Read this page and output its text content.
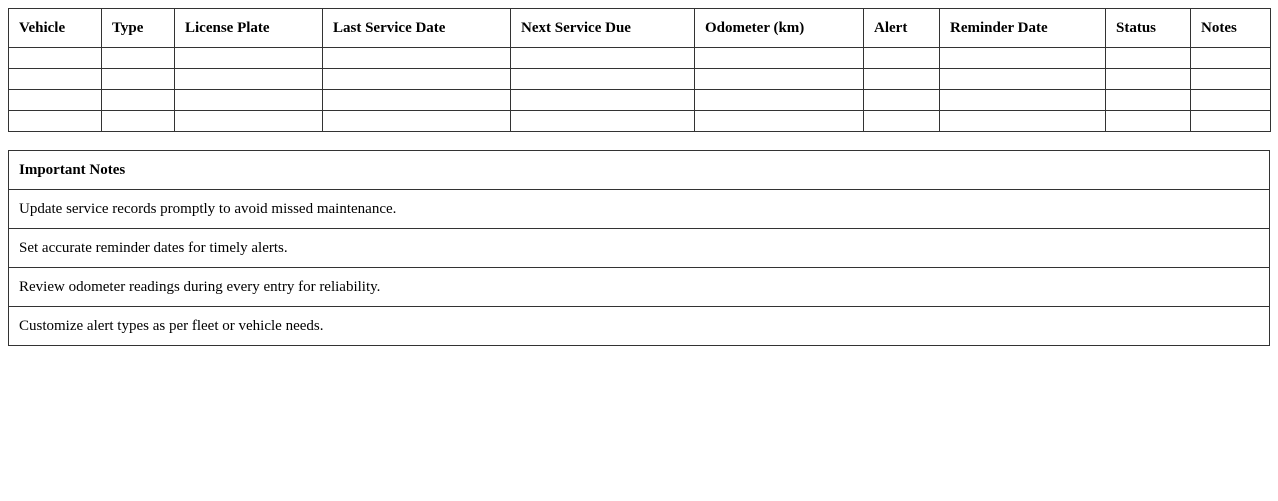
Vehicle	Type	License Plate	Last Service Date	Next Service Due	Odometer (km)	Alert	Reminder Date	Status	Notes

Important Notes
Update service records promptly to avoid missed maintenance.
Set accurate reminder dates for timely alerts.
Review odometer readings during every entry for reliability.
Customize alert types as per fleet or vehicle needs.
